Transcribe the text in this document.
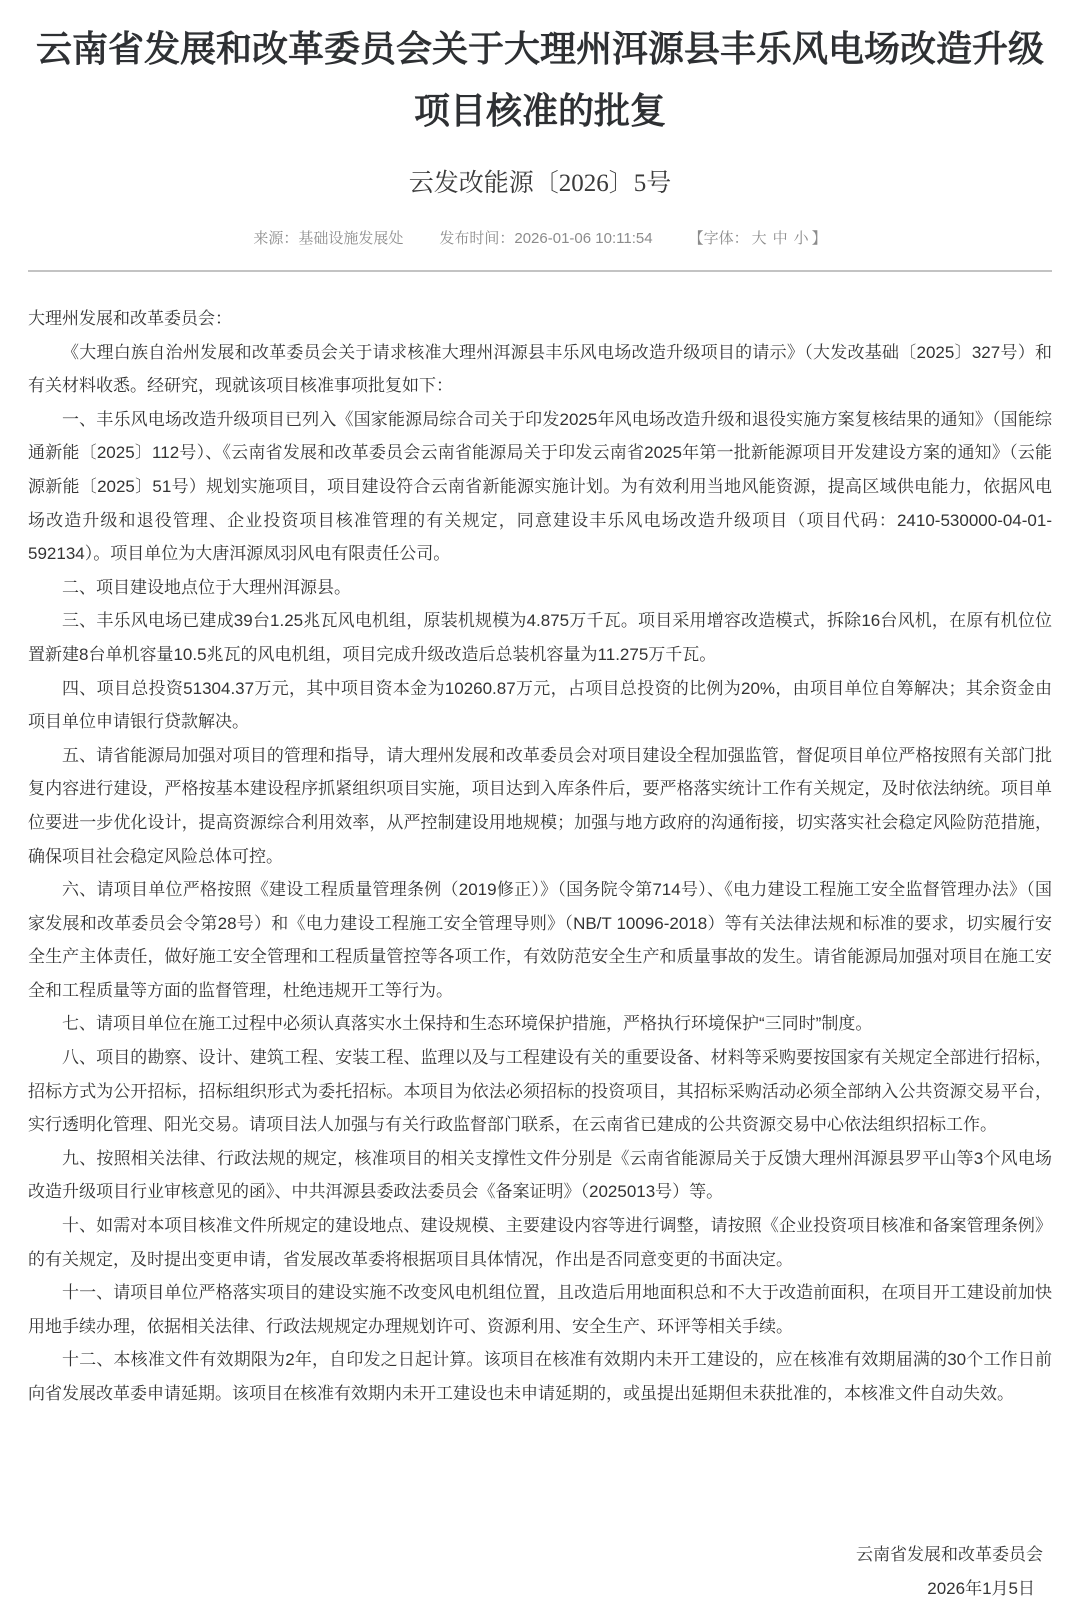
云南省发展和改革委员会关于大理州洱源县丰乐风电场改造升级项目核准的批复
云发改能源〔2026〕5号
来源：基础设施发展处 发布时间：2026-01-06 10:11:54 【字体： 大 中 小 】

大理州发展和改革委员会：

《大理白族自治州发展和改革委员会关于请求核准大理州洱源县丰乐风电场改造升级项目的请示》（大发改基础〔2025〕327号）和有关材料收悉。经研究，现就该项目核准事项批复如下：

一、丰乐风电场改造升级项目已列入《国家能源局综合司关于印发2025年风电场改造升级和退役实施方案复核结果的通知》（国能综通新能〔2025〕112号）、《云南省发展和改革委员会云南省能源局关于印发云南省2025年第一批新能源项目开发建设方案的通知》（云能源新能〔2025〕51号）规划实施项目，项目建设符合云南省新能源实施计划。为有效利用当地风能资源，提高区域供电能力，依据风电场改造升级和退役管理、企业投资项目核准管理的有关规定，同意建设丰乐风电场改造升级项目（项目代码：2410-530000-04-01-592134）。项目单位为大唐洱源凤羽风电有限责任公司。

二、项目建设地点位于大理州洱源县。

三、丰乐风电场已建成39台1.25兆瓦风电机组，原装机规模为4.875万千瓦。项目采用增容改造模式，拆除16台风机，在原有机位位置新建8台单机容量10.5兆瓦的风电机组，项目完成升级改造后总装机容量为11.275万千瓦。

四、项目总投资51304.37万元，其中项目资本金为10260.87万元，占项目总投资的比例为20%，由项目单位自筹解决；其余资金由项目单位申请银行贷款解决。

五、请省能源局加强对项目的管理和指导，请大理州发展和改革委员会对项目建设全程加强监管，督促项目单位严格按照有关部门批复内容进行建设，严格按基本建设程序抓紧组织项目实施，项目达到入库条件后，要严格落实统计工作有关规定，及时依法纳统。项目单位要进一步优化设计，提高资源综合利用效率，从严控制建设用地规模；加强与地方政府的沟通衔接，切实落实社会稳定风险防范措施，确保项目社会稳定风险总体可控。

六、请项目单位严格按照《建设工程质量管理条例（2019修正）》（国务院令第714号）、《电力建设工程施工安全监督管理办法》（国家发展和改革委员会令第28号）和《电力建设工程施工安全管理导则》（NB/T 10096-2018）等有关法律法规和标准的要求，切实履行安全生产主体责任，做好施工安全管理和工程质量管控等各项工作，有效防范安全生产和质量事故的发生。请省能源局加强对项目在施工安全和工程质量等方面的监督管理，杜绝违规开工等行为。

七、请项目单位在施工过程中必须认真落实水土保持和生态环境保护措施，严格执行环境保护“三同时”制度。

八、项目的勘察、设计、建筑工程、安装工程、监理以及与工程建设有关的重要设备、材料等采购要按国家有关规定全部进行招标，招标方式为公开招标，招标组织形式为委托招标。本项目为依法必须招标的投资项目，其招标采购活动必须全部纳入公共资源交易平台，实行透明化管理、阳光交易。请项目法人加强与有关行政监督部门联系，在云南省已建成的公共资源交易中心依法组织招标工作。

九、按照相关法律、行政法规的规定，核准项目的相关支撑性文件分别是《云南省能源局关于反馈大理州洱源县罗平山等3个风电场改造升级项目行业审核意见的函》、中共洱源县委政法委员会《备案证明》（2025013号）等。

十、如需对本项目核准文件所规定的建设地点、建设规模、主要建设内容等进行调整，请按照《企业投资项目核准和备案管理条例》的有关规定，及时提出变更申请，省发展改革委将根据项目具体情况，作出是否同意变更的书面决定。

十一、请项目单位严格落实项目的建设实施不改变风电机组位置，且改造后用地面积总和不大于改造前面积，在项目开工建设前加快用地手续办理，依据相关法律、行政法规规定办理规划许可、资源利用、安全生产、环评等相关手续。

十二、本核准文件有效期限为2年，自印发之日起计算。该项目在核准有效期内未开工建设的，应在核准有效期届满的30个工作日前向省发展改革委申请延期。该项目在核准有效期内未开工建设也未申请延期的，或虽提出延期但未获批准的，本核准文件自动失效。

云南省发展和改革委员会
2026年1月5日
